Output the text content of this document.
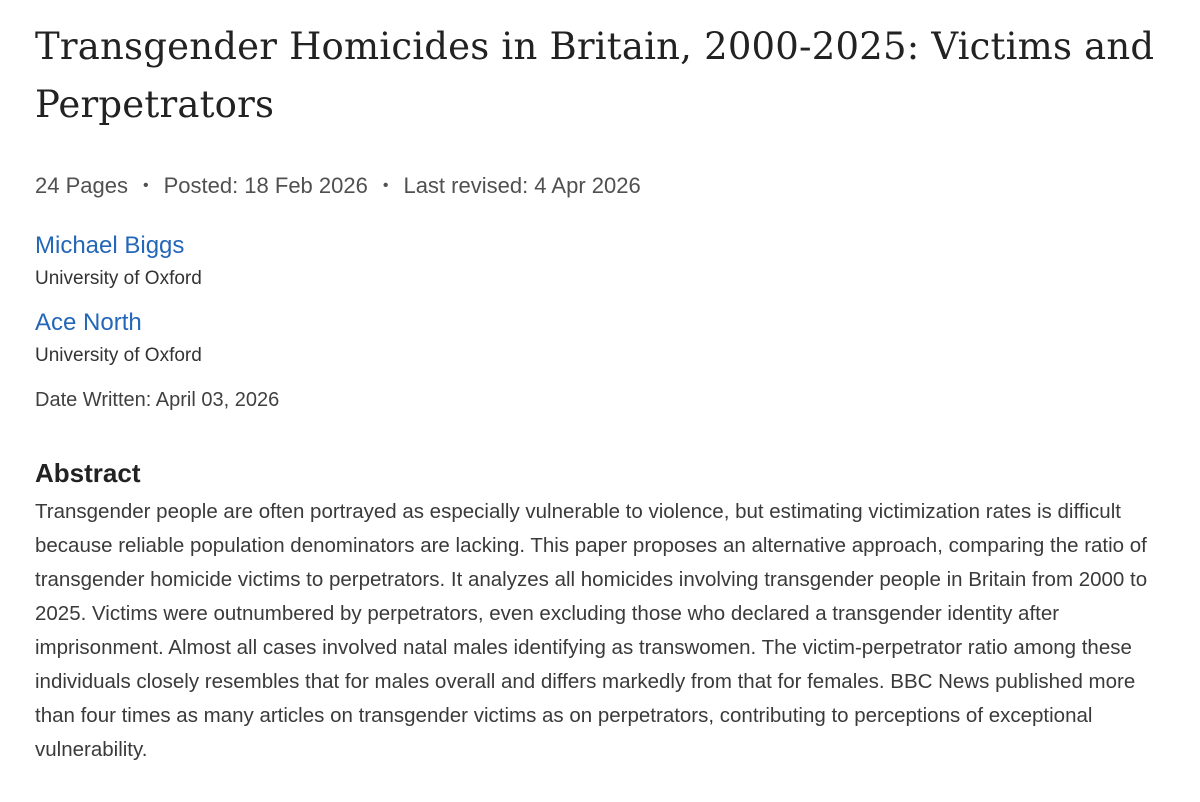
Transgender Homicides in Britain, 2000-2025: Victims and Perpetrators
24 Pages • Posted: 18 Feb 2026 • Last revised: 4 Apr 2026
Michael Biggs
University of Oxford
Ace North
University of Oxford
Date Written: April 03, 2026
Abstract

Transgender people are often portrayed as especially vulnerable to violence, but estimating victimization rates is difficult because reliable population denominators are lacking. This paper proposes an alternative approach, comparing the ratio of transgender homicide victims to perpetrators. It analyzes all homicides involving transgender people in Britain from 2000 to 2025. Victims were outnumbered by perpetrators, even excluding those who declared a transgender identity after imprisonment. Almost all cases involved natal males identifying as transwomen. The victim-perpetrator ratio among these individuals closely resembles that for males overall and differs markedly from that for females. BBC News published more than four times as many articles on transgender victims as on perpetrators, contributing to perceptions of exceptional vulnerability.
